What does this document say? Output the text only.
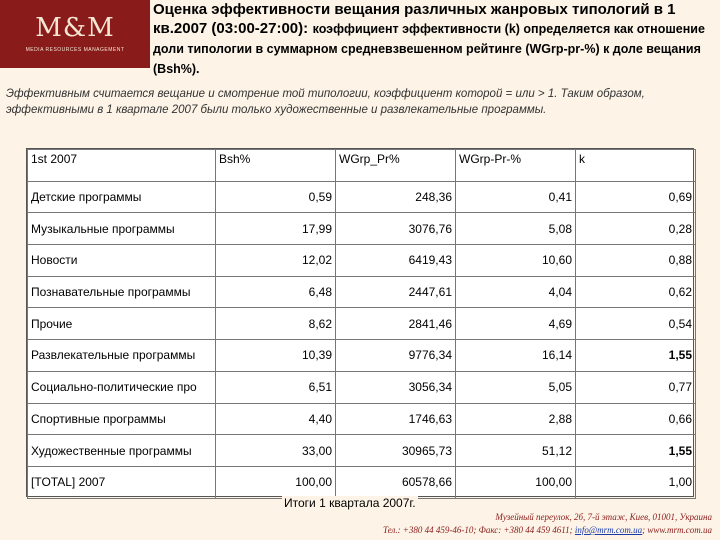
M&M
MEDIA RESOURCES MANAGEMENT
Оценка эффективности вещания различных жанровых типологий в 1 кв.2007 (03:00-27:00): коэффициент эффективности (k) определяется как отношение доли типологии в суммарном средневзвешенном рейтинге (WGrp-pr-%) к доле вещания (Bsh%).
Эффективным считается вещание и смотрение той типологии, коэффициент которой = или > 1. Таким образом, эффективными в 1 квартале 2007 были только художественные и развлекательные программы.
1st 2007	Bsh%	WGrp_Pr%	WGrp-Pr-%	k
Детские программы	0,59	248,36	0,41	0,69
Музыкальные программы	17,99	3076,76	5,08	0,28
Новости	12,02	6419,43	10,60	0,88
Познавательные программы	6,48	2447,61	4,04	0,62
Прочие	8,62	2841,46	4,69	0,54
Развлекательные программы	10,39	9776,34	16,14	1,55
Социально-политические про	6,51	3056,34	5,05	0,77
Спортивные программы	4,40	1746,63	2,88	0,66
Художественные программы	33,00	30965,73	51,12	1,55
[TOTAL] 2007	100,00	60578,66	100,00	1,00
Итоги 1 квартала 2007г.
Музейный переулок, 2б, 7-й этаж, Киев, 01001, Украина
Тел.: +380 44 459-46-10; Факс: +380 44 459 4611; info@mrm.com.ua; www.mrm.com.ua
